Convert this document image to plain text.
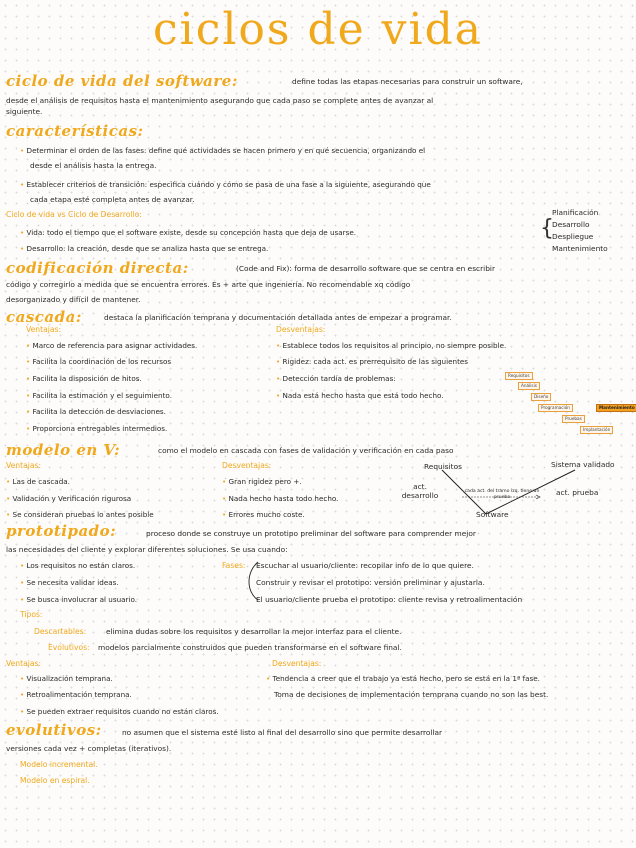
ciclos de vida
ciclo de vida del software:	define todas las etapas necesarias para construir un software,
desde el análisis de requisitos hasta el mantenimiento asegurando que cada paso se complete antes de avanzar al
siguiente.
características:
• Determinar el orden de las fases: define qué actividades se hacen primero y en qué secuencia, organizando el
desde el análisis hasta la entrega.
• Establecer criterios de transición: especifica cuándo y cómo se pasa de una fase a la siguiente, asegurando que
cada etapa esté completa antes de avanzar.
Ciclo de vida vs Ciclo de Desarrollo:
• Vida: todo el tiempo que el software existe, desde su concepción hasta que deja de usarse.
• Desarrollo: la creación, desde que se analiza hasta que se entrega.
{
Planificación
Desarrollo
Despliegue
Mantenimiento
codificación directa:	(Code and Fix): forma de desarrollo software que se centra en escribir
código y corregirlo a medida que se encuentra errores. Es + arte que ingeniería. No recomendable xq código
desorganizado y difícil de mantener.
cascada:	destaca la planificación temprana y documentación detallada antes de empezar a programar.
Ventajas:
• Marco de referencia para asignar actividades.
• Facilita la coordinación de los recursos
• Facilita la disposición de hitos.
• Facilita la estimación y el seguimiento.
• Facilita la detección de desviaciones.
• Proporciona entregables intermedios.
Desventajas:
• Establece todos los requisitos al principio, no siempre posible.
• Rigidez: cada act. es prerrequisito de las siguientes
• Detección tardía de problemas:
• Nada está hecho hasta que está todo hecho.
Requisitos
Análisis
Diseño
Programación
Pruebas
Implantación
Mantenimiento
modelo en V:	como el modelo en cascada con fases de validación y verificación en cada paso
Ventajas:
• Las de cascada.
• Validación y Verificación rigurosa
• Se consideran pruebas lo antes posible
Desventajas:
• Gran rigidez pero +.
• Nada hecho hasta todo hecho.
• Errores mucho coste.
Requisitos	Sistema validado
act. desarrollo	act. prueba
cada act. del tramo izq. tiene un prueba
Software
prototipado:	proceso donde se construye un prototipo preliminar del software para comprender mejor
las necesidades del cliente y explorar diferentes soluciones. Se usa cuando:
• Los requisitos no están claros.
• Se necesita validar ideas.
• Se busca involucrar al usuario.
Fases: Escuchar al usuario/cliente: recopilar info de lo que quiere.
Construir y revisar el prototipo: versión preliminar y ajustarla.
El usuario/cliente prueba el prototipo: cliente revisa y retroalimentación
Tipos:
Descartables:	elimina dudas sobre los requisitos y desarrollar la mejor interfaz para el cliente.
Evolutivos: modelos parcialmente construidos que pueden transformarse en el software final.
Ventajas:
• Visualización temprana.
• Retroalimentación temprana.
• Se pueden extraer requisitos cuando no están claros.
Desventajas:
• Tendencia a creer que el trabajo ya está hecho, pero se está en la 1ª fase.
Toma de decisiones de implementación temprana cuando no son las best.
evolutivos:	no asumen que el sistema esté listo al final del desarrollo sino que permite desarrollar
versiones cada vez + completas (iterativos).
Modelo incremental.
Modelo en espiral.
